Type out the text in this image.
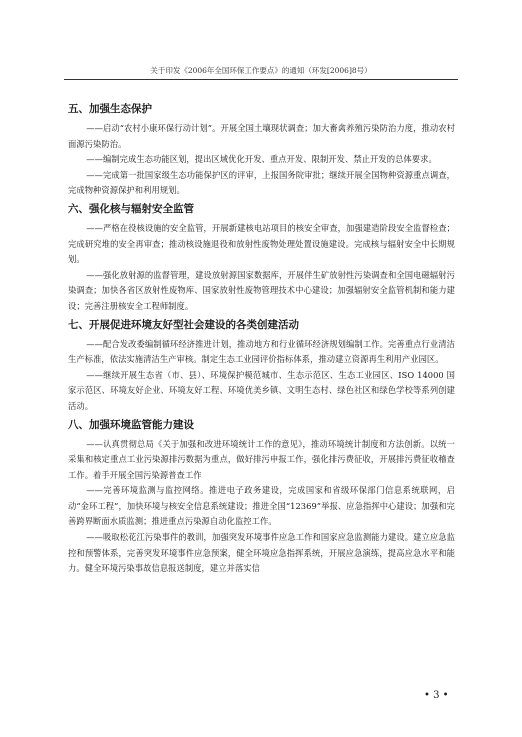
关于印发《2006年全国环保工作要点》的通知（环发[2006]8号）
五、加强生态保护

——启动“农村小康环保行动计划”。开展全国土壤现状调查；加大畜禽养殖污染防治力度，推动农村面源污染防治。

——编制完成生态功能区划，提出区域优化开发、重点开发、限制开发、禁止开发的总体要求。

——完成第一批国家级生态功能保护区的评审，上报国务院审批；继续开展全国物种资源重点调查，完成物种资源保护和利用规划。

六、强化核与辐射安全监管

——严格在役核设施的安全监管，开展新建核电站项目的核安全审查，加强建造阶段安全监督检查；完成研究堆的安全再审查；推动核设施退役和放射性废物处理处置设施建设。完成核与辐射安全中长期规划。

——强化放射源的监督管理，建设放射源国家数据库，开展伴生矿放射性污染调查和全国电磁辐射污染调查；加快各省区放射性废物库、国家放射性废物管理技术中心建设；加强辐射安全监管机制和能力建设；完善注册核安全工程师制度。

七、开展促进环境友好型社会建设的各类创建活动

——配合发改委编制循环经济推进计划，推动地方和行业循环经济规划编制工作。完善重点行业清洁生产标准，依法实施清洁生产审核。制定生态工业园评价指标体系，推动建立资源再生利用产业园区。

——继续开展生态省（市、县）、环境保护模范城市、生态示范区、生态工业园区、ISO 14000 国家示范区、环境友好企业、环境友好工程、环境优美乡镇、文明生态村、绿色社区和绿色学校等系列创建活动。

八、加强环境监管能力建设

——认真贯彻总局《关于加强和改进环境统计工作的意见》，推动环境统计制度和方法创新。以统一采集和核定重点工业污染源排污数据为重点，做好排污申报工作，强化排污费征收，开展排污费征收稽查工作。着手开展全国污染源普查工作

——完善环境监测与监控网络。推进电子政务建设，完成国家和省级环保部门信息系统联网，启动“金环工程”，加快环境与核安全信息系统建设；推进全国“12369”举报、应急指挥中心建设；加强和完善跨界断面水质监测；推进重点污染源自动化监控工作。

——吸取松花江污染事件的教训，加强突发环境事件应急工作和国家应急监测能力建设。建立应急监控和预警体系，完善突发环境事件应急预案，健全环境应急指挥系统，开展应急演练，提高应急水平和能力。健全环境污染事故信息报送制度，建立并落实信

• 3 •
